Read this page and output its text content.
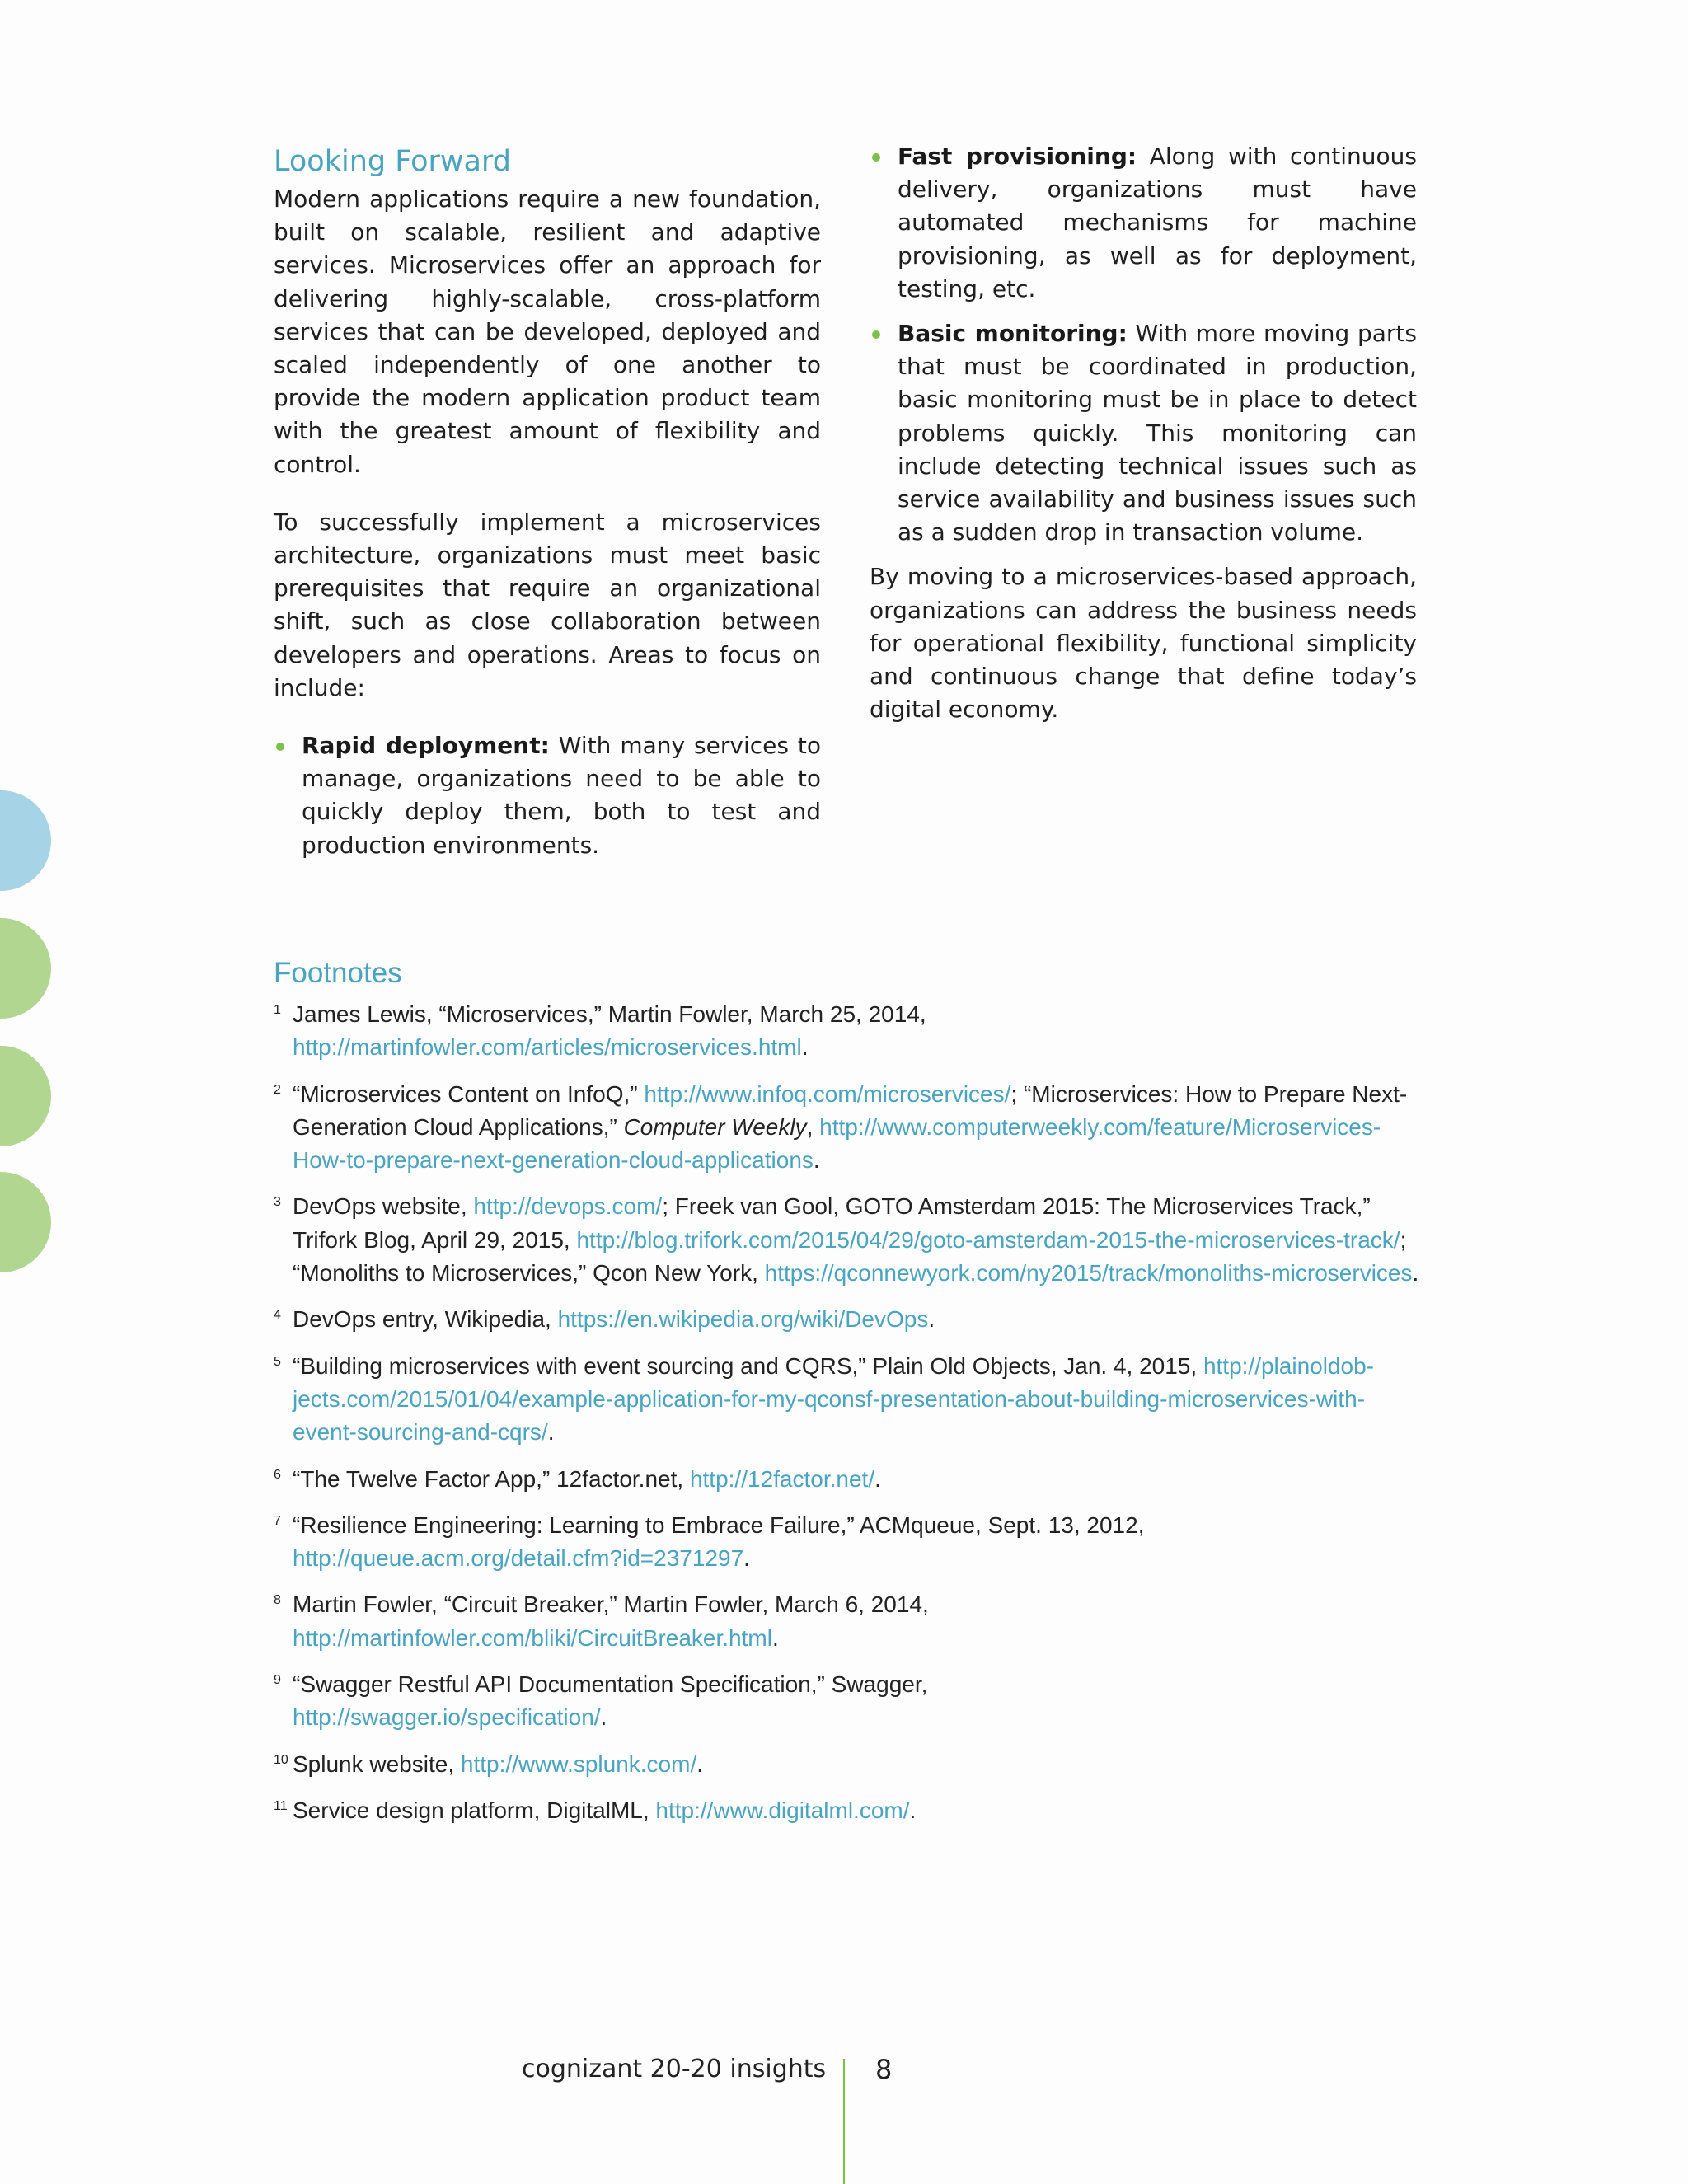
Looking Forward

Modern applications require a new foundation, built on scalable, resilient and adaptive services. Microservices offer an approach for delivering highly-scalable, cross-platform services that can be developed, deployed and scaled independently of one another to provide the modern application product team with the greatest amount of flexibility and control.

To successfully implement a microservices architecture, organizations must meet basic prerequisites that require an organizational shift, such as close collaboration between developers and operations. Areas to focus on include:

Rapid deployment: With many services to manage, organizations need to be able to quickly deploy them, both to test and production environments.
Fast provisioning: Along with continuous delivery, organizations must have automated mechanisms for machine provisioning, as well as for deployment, testing, etc.
Basic monitoring: With more moving parts that must be coordinated in production, basic monitoring must be in place to detect problems quickly. This monitoring can include detecting technical issues such as service availability and business issues such as a sudden drop in transaction volume.

By moving to a microservices-based approach, organizations can address the business needs for operational flexibility, functional simplicity and continuous change that define today’s digital economy.

Footnotes
1 James Lewis, “Microservices,” Martin Fowler, March 25, 2014,
http://martinfowler.com/articles/microservices.html.
2 “Microservices Content on InfoQ,” http://www.infoq.com/microservices/; “Microservices: How to Prepare Next-Generation Cloud Applications,” Computer Weekly, http://www.computerweekly.com/feature/Microservices-How-to-prepare-next-generation-cloud-applications.
3 DevOps website, http://devops.com/; Freek van Gool, GOTO Amsterdam 2015: The Microservices Track,” Trifork Blog, April 29, 2015, http://blog.trifork.com/2015/04/29/goto-amsterdam-2015-the-microservices-track/; “Monoliths to Microservices,” Qcon New York, https://qconnewyork.com/ny2015/track/monoliths-microservices.
4 DevOps entry, Wikipedia, https://en.wikipedia.org/wiki/DevOps.
5 “Building microservices with event sourcing and CQRS,” Plain Old Objects, Jan. 4, 2015, http://plainoldobjects.com/2015/01/04/example-application-for-my-qconsf-presentation-about-building-microservices-with-event-sourcing-and-cqrs/.
6 “The Twelve Factor App,” 12factor.net, http://12factor.net/.
7 “Resilience Engineering: Learning to Embrace Failure,” ACMqueue, Sept. 13, 2012,
http://queue.acm.org/detail.cfm?id=2371297.
8 Martin Fowler, “Circuit Breaker,” Martin Fowler, March 6, 2014,
http://martinfowler.com/bliki/CircuitBreaker.html.
9 “Swagger Restful API Documentation Specification,” Swagger,
http://swagger.io/specification/.
10 Splunk website, http://www.splunk.com/.
11 Service design platform, DigitalML, http://www.digitalml.com/.
cognizant 20-20 insights 8
